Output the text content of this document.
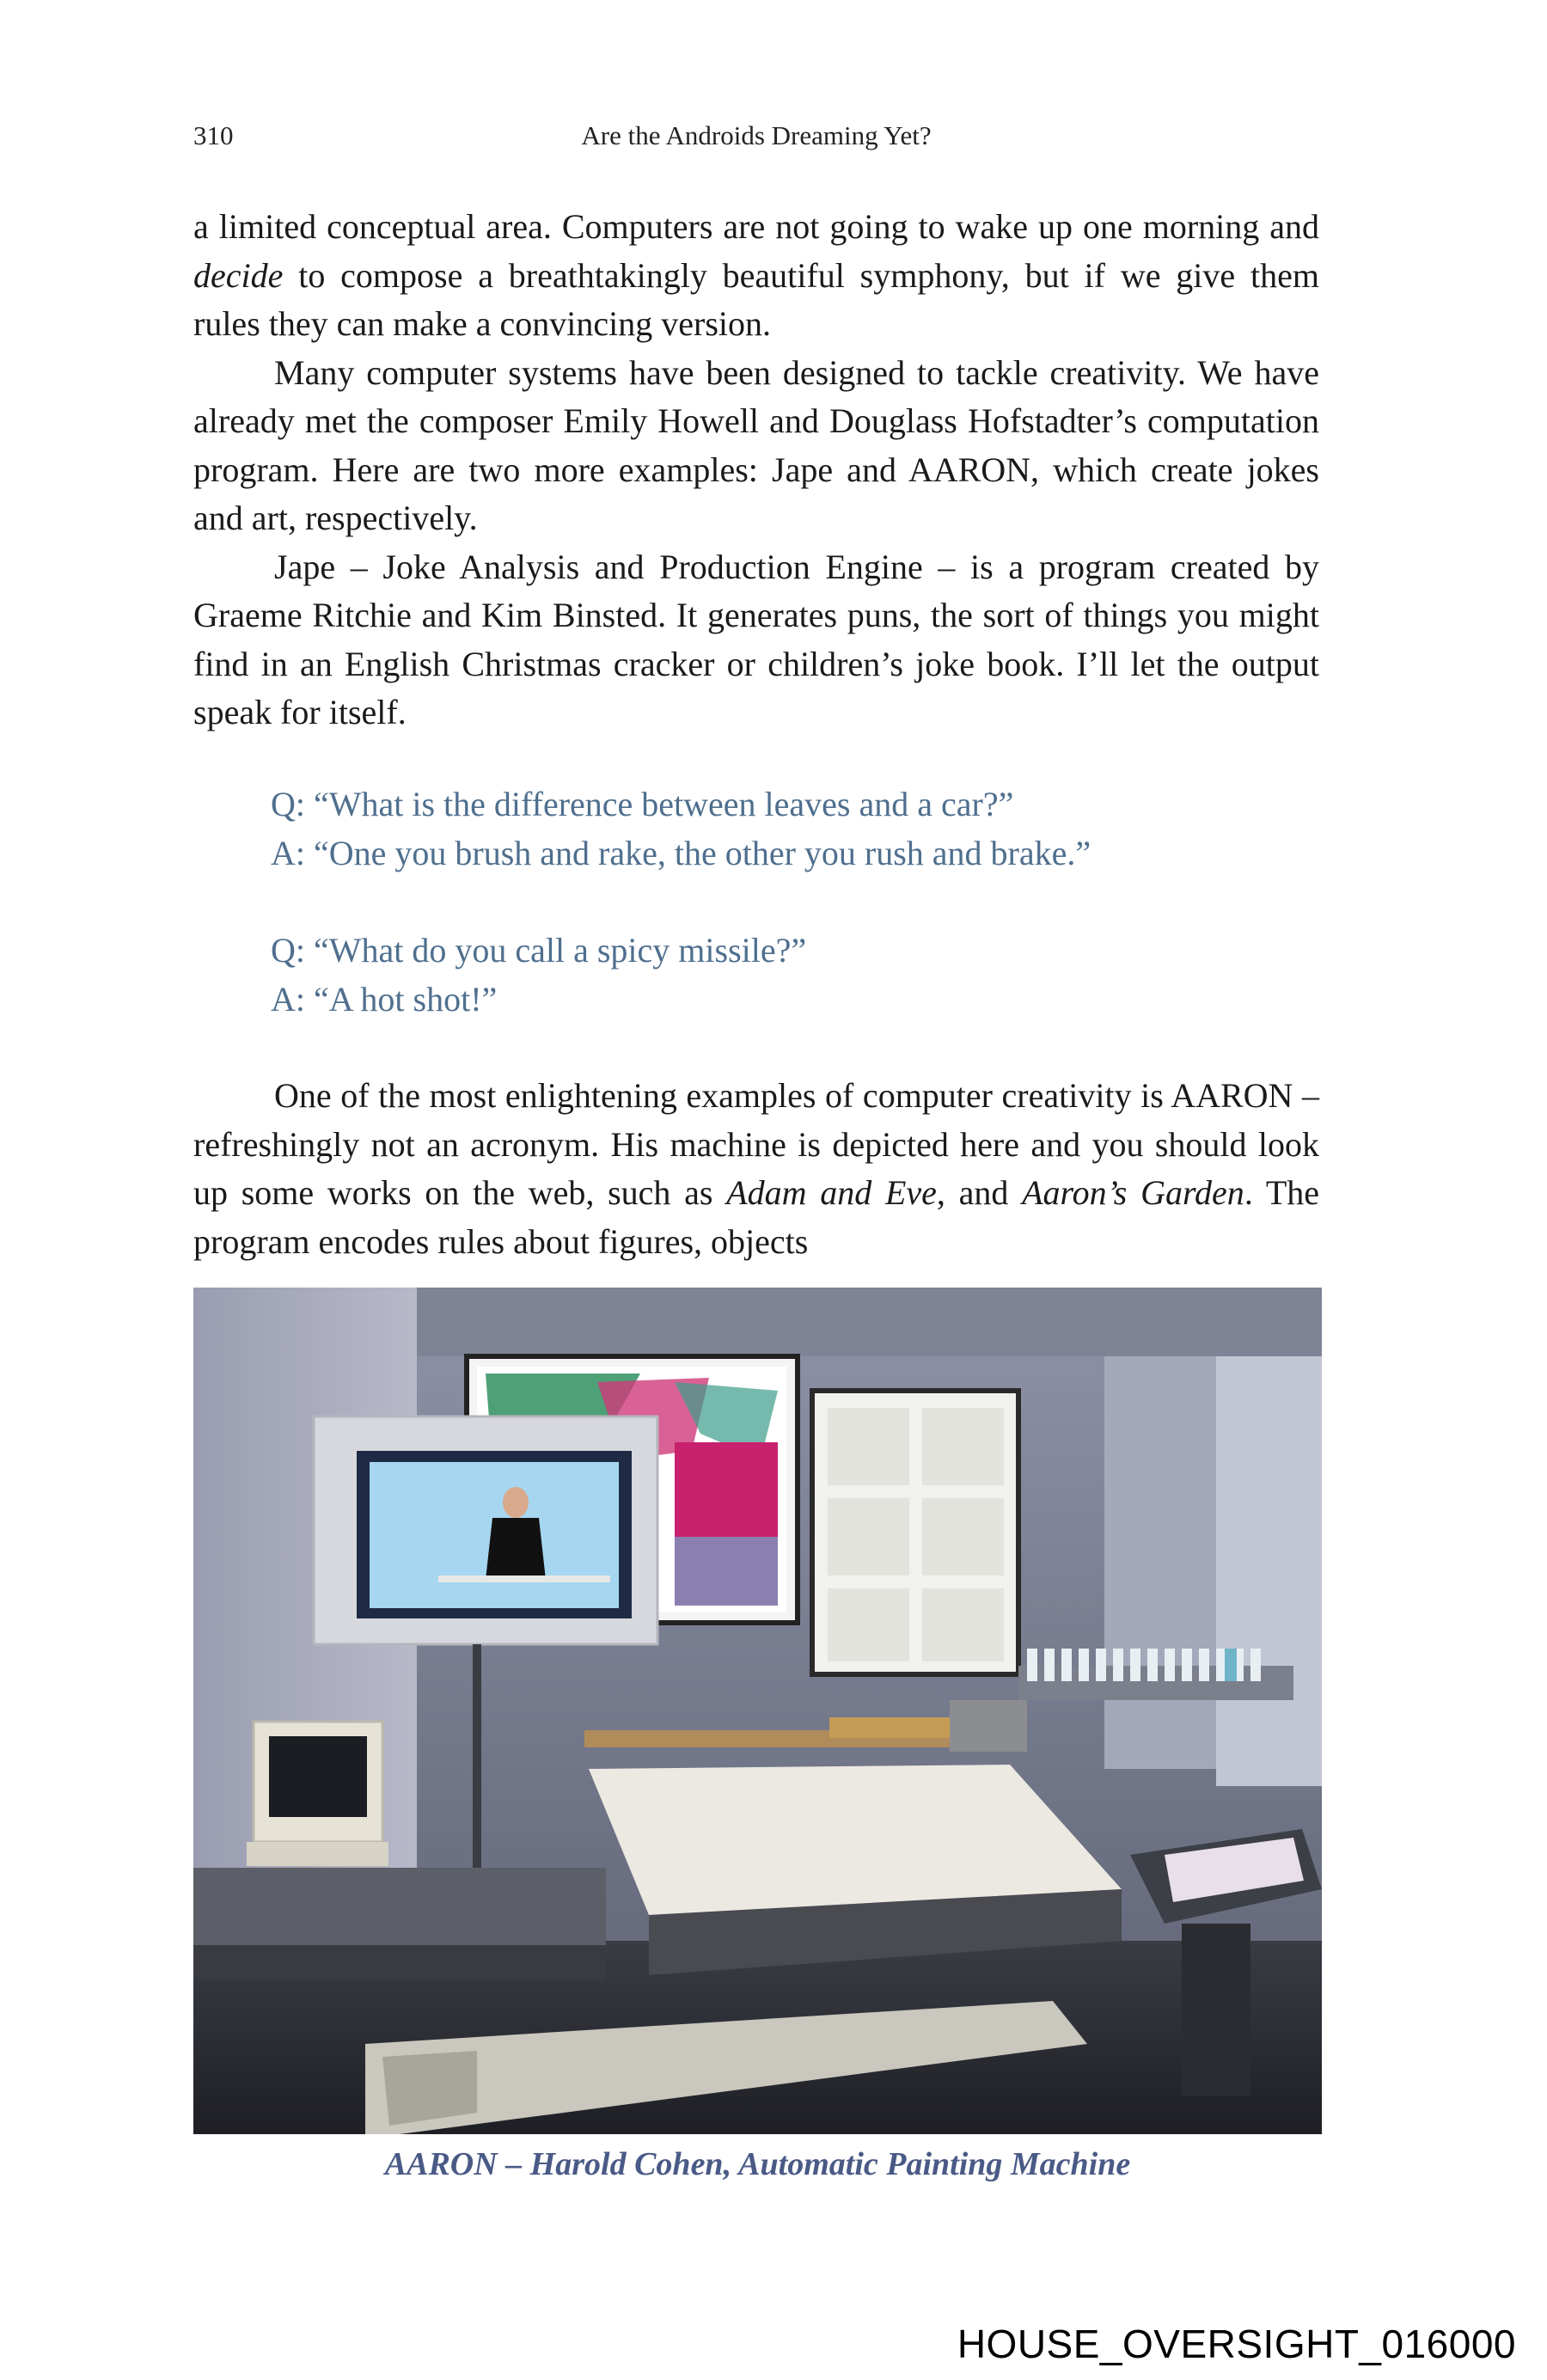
310	Are the Androids Dreaming Yet?

a limited conceptual area. Computers are not going to wake up one morning and decide to compose a breathtakingly beautiful symphony, but if we give them rules they can make a convincing version.

Many computer systems have been designed to tackle creativity. We have already met the composer Emily Howell and Douglass Hofstadter’s computation program. Here are two more examples: Jape and AARON, which create jokes and art, respectively.

Jape – Joke Analysis and Production Engine – is a program created by Graeme Ritchie and Kim Binsted. It generates puns, the sort of things you might find in an English Christmas cracker or children’s joke book. I’ll let the output speak for itself.

Q: “What is the difference between leaves and a car?”
A: “One you brush and rake, the other you rush and brake.”
Q: “What do you call a spicy missile?”
A: “A hot shot!”

One of the most enlightening examples of computer creativity is AARON – refreshingly not an acronym. His machine is depicted here and you should look up some works on the web, such as Adam and Eve, and Aaron’s Garden. The program encodes rules about figures, objects

AARON – Harold Cohen, Automatic Painting Machine
HOUSE_OVERSIGHT_016000
